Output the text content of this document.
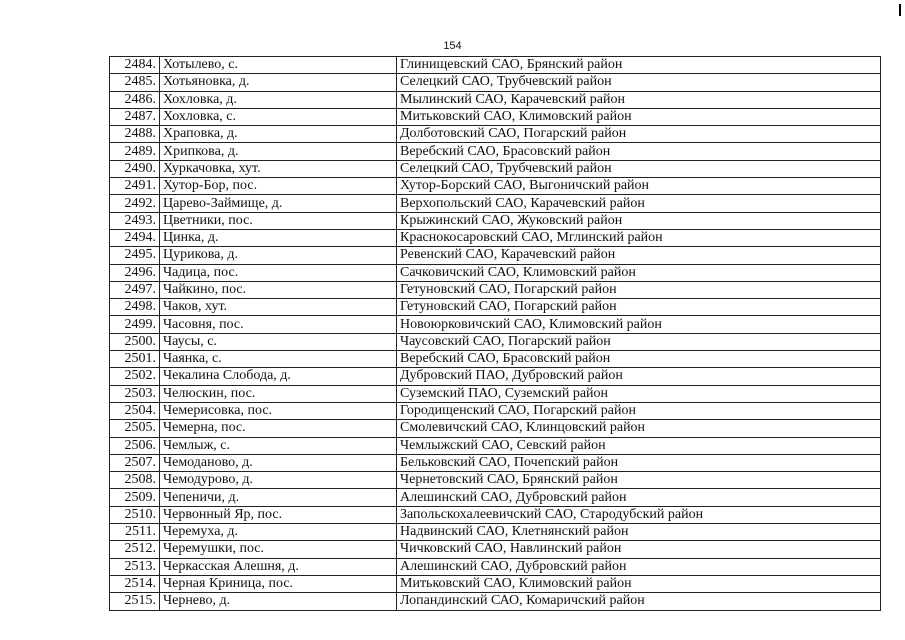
154
2484.	Хотылево, с.	Глинищевский САО, Брянский район
2485.	Хотьяновка, д.	Селецкий САО, Трубчевский район
2486.	Хохловка, д.	Мылинский САО, Карачевский район
2487.	Хохловка, с.	Митьковский САО, Климовский район
2488.	Храповка, д.	Долботовский САО, Погарский район
2489.	Хрипкова, д.	Веребский САО, Брасовский район
2490.	Хуркачовка, хут.	Селецкий САО, Трубчевский район
2491.	Хутор-Бор, пос.	Хутор-Борский САО, Выгоничский район
2492.	Царево-Займище, д.	Верхопольский САО, Карачевский район
2493.	Цветники, пос.	Крыжинский САО, Жуковский район
2494.	Цинка, д.	Краснокосаровский САО, Мглинский район
2495.	Цурикова, д.	Ревенский САО, Карачевский район
2496.	Чадица, пос.	Сачковичский САО, Климовский район
2497.	Чайкино, пос.	Гетуновский САО, Погарский район
2498.	Чаков, хут.	Гетуновский САО, Погарский район
2499.	Часовня, пос.	Новоюрковичский САО, Климовский район
2500.	Чаусы, с.	Чаусовский САО, Погарский район
2501.	Чаянка, с.	Веребский САО, Брасовский район
2502.	Чекалина Слобода, д.	Дубровский ПАО, Дубровский район
2503.	Челюскин, пос.	Суземский ПАО, Суземский район
2504.	Чемерисовка, пос.	Городищенский САО, Погарский район
2505.	Чемерна, пос.	Смолевичский САО, Клинцовский район
2506.	Чемлыж, с.	Чемлыжский САО, Севский район
2507.	Чемоданово, д.	Бельковский САО, Почепский район
2508.	Чемодурово, д.	Чернетовский САО, Брянский район
2509.	Чепеничи, д.	Алешинский САО, Дубровский район
2510.	Червонный Яр, пос.	Запольскохалеевичский САО, Стародубский район
2511.	Черемуха, д.	Надвинский САО, Клетнянский район
2512.	Черемушки, пос.	Чичковский САО, Навлинский район
2513.	Черкасская Алешня, д.	Алешинский САО, Дубровский район
2514.	Черная Криница, пос.	Митьковский САО, Климовский район
2515.	Чернево, д.	Лопандинский САО, Комаричский район
